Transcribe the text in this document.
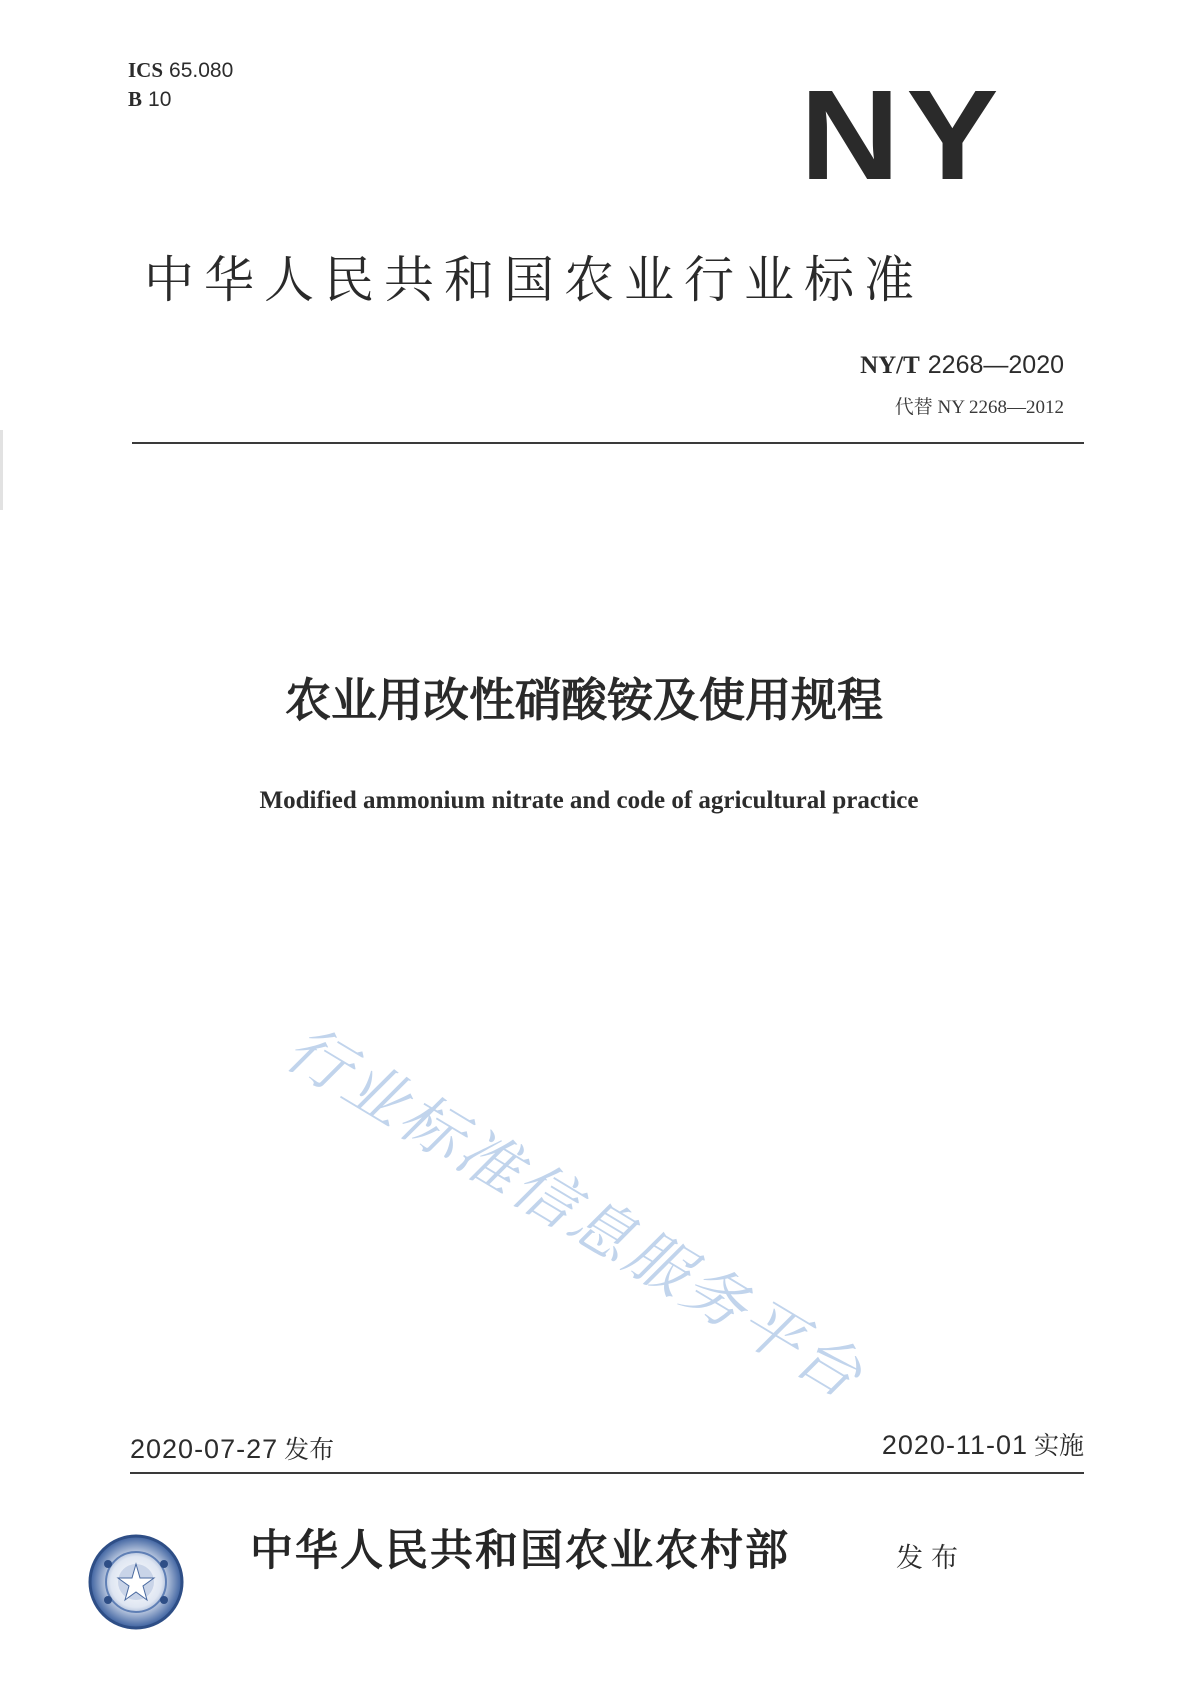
ICS 65.080
B 10	NY
中华人民共和国农业行业标准
NY/T 2268—2020
代替 NY 2268—2012
农业用改性硝酸铵及使用规程
Modified ammonium nitrate and code of agricultural practice
行业标准信息服务平台
2020-07-27 发布	2020-11-01 实施
中华人民共和国农业农村部	发布
